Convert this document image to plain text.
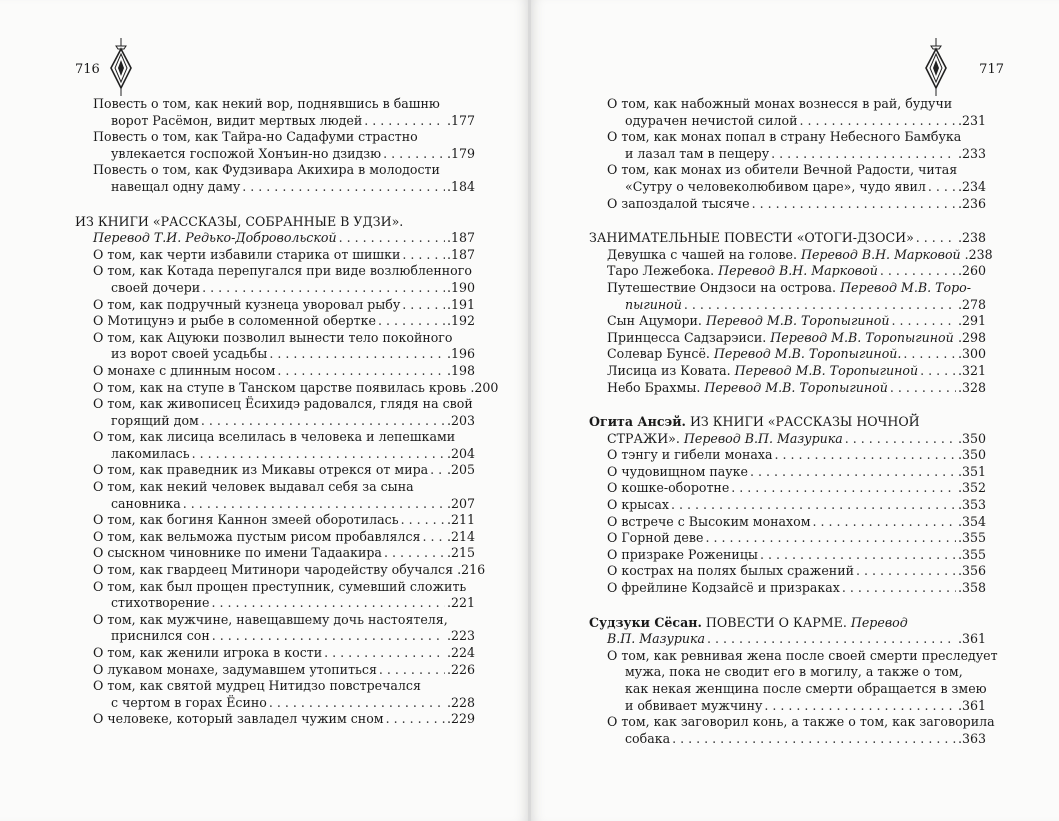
716
Повесть о том, как некий вор, поднявшись в башню
ворот Расёмон, видит мертвых людей . . .	.177
Повесть о том, как Тайра-но Садафуми страстно
увлекается госпожой Хонъин-но дзидзю . . .	.179
Повесть о том, как Фудзивара Акихира в молодости
навещал одну даму . . .	.184
ИЗ КНИГИ «РАССКАЗЫ, СОБРАННЫЕ В УДЗИ».
Перевод Т.И. Редько-Добровольской . . .	.187
О том, как черти избавили старика от шишки . . .	.187
О том, как Котада перепугался при виде возлюбленного
своей дочери . . .	.190
О том, как подручный кузнеца уворовал рыбу . . .	.191
О Мотицунэ и рыбе в соломенной обертке . . .	.192
О том, как Ацуюки позволил вынести тело покойного
из ворот своей усадьбы . . .	.196
О монахе с длинным носом . . .	.198
О том, как на ступе в Танском царстве появилась кровь .200
О том, как живописец Ёсихидэ радовался, глядя на свой
горящий дом . . .	.203
О том, как лисица вселилась в человека и лепешками
лакомилась . . .	.204
О том, как праведник из Микавы отрекся от мира . . . .205
О том, как некий человек выдавал себя за сына
сановника . . .	.207
О том, как богиня Каннон змеей оборотилась . . .	.211
О том, как вельможа пустым рисом пробавлялся . . . .214
О сыскном чиновнике по имени Тадаакира . . .	.215
О том, как гвардеец Митинори чародейству обучался .216
О том, как был прощен преступник, сумевший сложить
стихотворение . . .	.221
О том, как мужчине, навещавшему дочь настоятеля,
приснился сон . . .	.223
О том, как женили игрока в кости . . .	.224
О лукавом монахе, задумавшем утопиться . . .	.226
О том, как святой мудрец Нитидзо повстречался
с чертом в горах Ёсино . . .	.228
О человеке, который завладел чужим сном . . .	.229
717
О том, как набожный монах вознесся в рай, будучи
одурачен нечистой силой . . .	.231
О том, как монах попал в страну Небесного Бамбука
и лазал там в пещеру . . .	.233
О том, как монах из обители Вечной Радости, читая
«Сутру о человеколюбивом царе», чудо явил . . .	.234
О запоздалой тысяче . . .	.236
ЗАНИМАТЕЛЬНЫЕ ПОВЕСТИ «ОТОГИ-ДЗОСИ» . . .	.238
Девушка с чашей на голове. Перевод В.Н. Марковой .238
Таро Лежебока. Перевод В.Н. Марковой . . .	.260
Путешествие Ондзоси на острова. Перевод М.В. Торо-
пыгиной . . .	.278
Сын Ацумори. Перевод М.В. Торопыгиной . . .	.291
Принцесса Садзарэиси. Перевод М.В. Торопыгиной . . . .298
Солевар Бунсё. Перевод М.В. Торопыгиной. . . .	.300
Лисица из Ковата. Перевод М.В. Торопыгиной . . .	.321
Небо Брахмы. Перевод М.В. Торопыгиной . . .	.328
Огита Ансэй. ИЗ КНИГИ «РАССКАЗЫ НОЧНОЙ
СТРАЖИ». Перевод В.П. Мазурика . . .	.350
О тэнгу и гибели монаха . . .	.350
О чудовищном пауке . . .	.351
О кошке-оборотне . . .	.352
О крысах . . .	.353
О встрече с Высоким монахом . . .	.354
О Горной деве . . .	.355
О призраке Роженицы . . .	.355
О кострах на полях былых сражений . . .	.356
О фрейлине Кодзайсё и призраках . . .	.358
Судзуки Сёсан. ПОВЕСТИ О КАРМЕ. Перевод
В.П. Мазурика . . .	.361
О том, как ревнивая жена после своей смерти преследует
мужа, пока не сводит его в могилу, а также о том,
как некая женщина после смерти обращается в змею
и обвивает мужчину . . .	.361
О том, как заговорил конь, а также о том, как заговорила
собака . . .	.363
